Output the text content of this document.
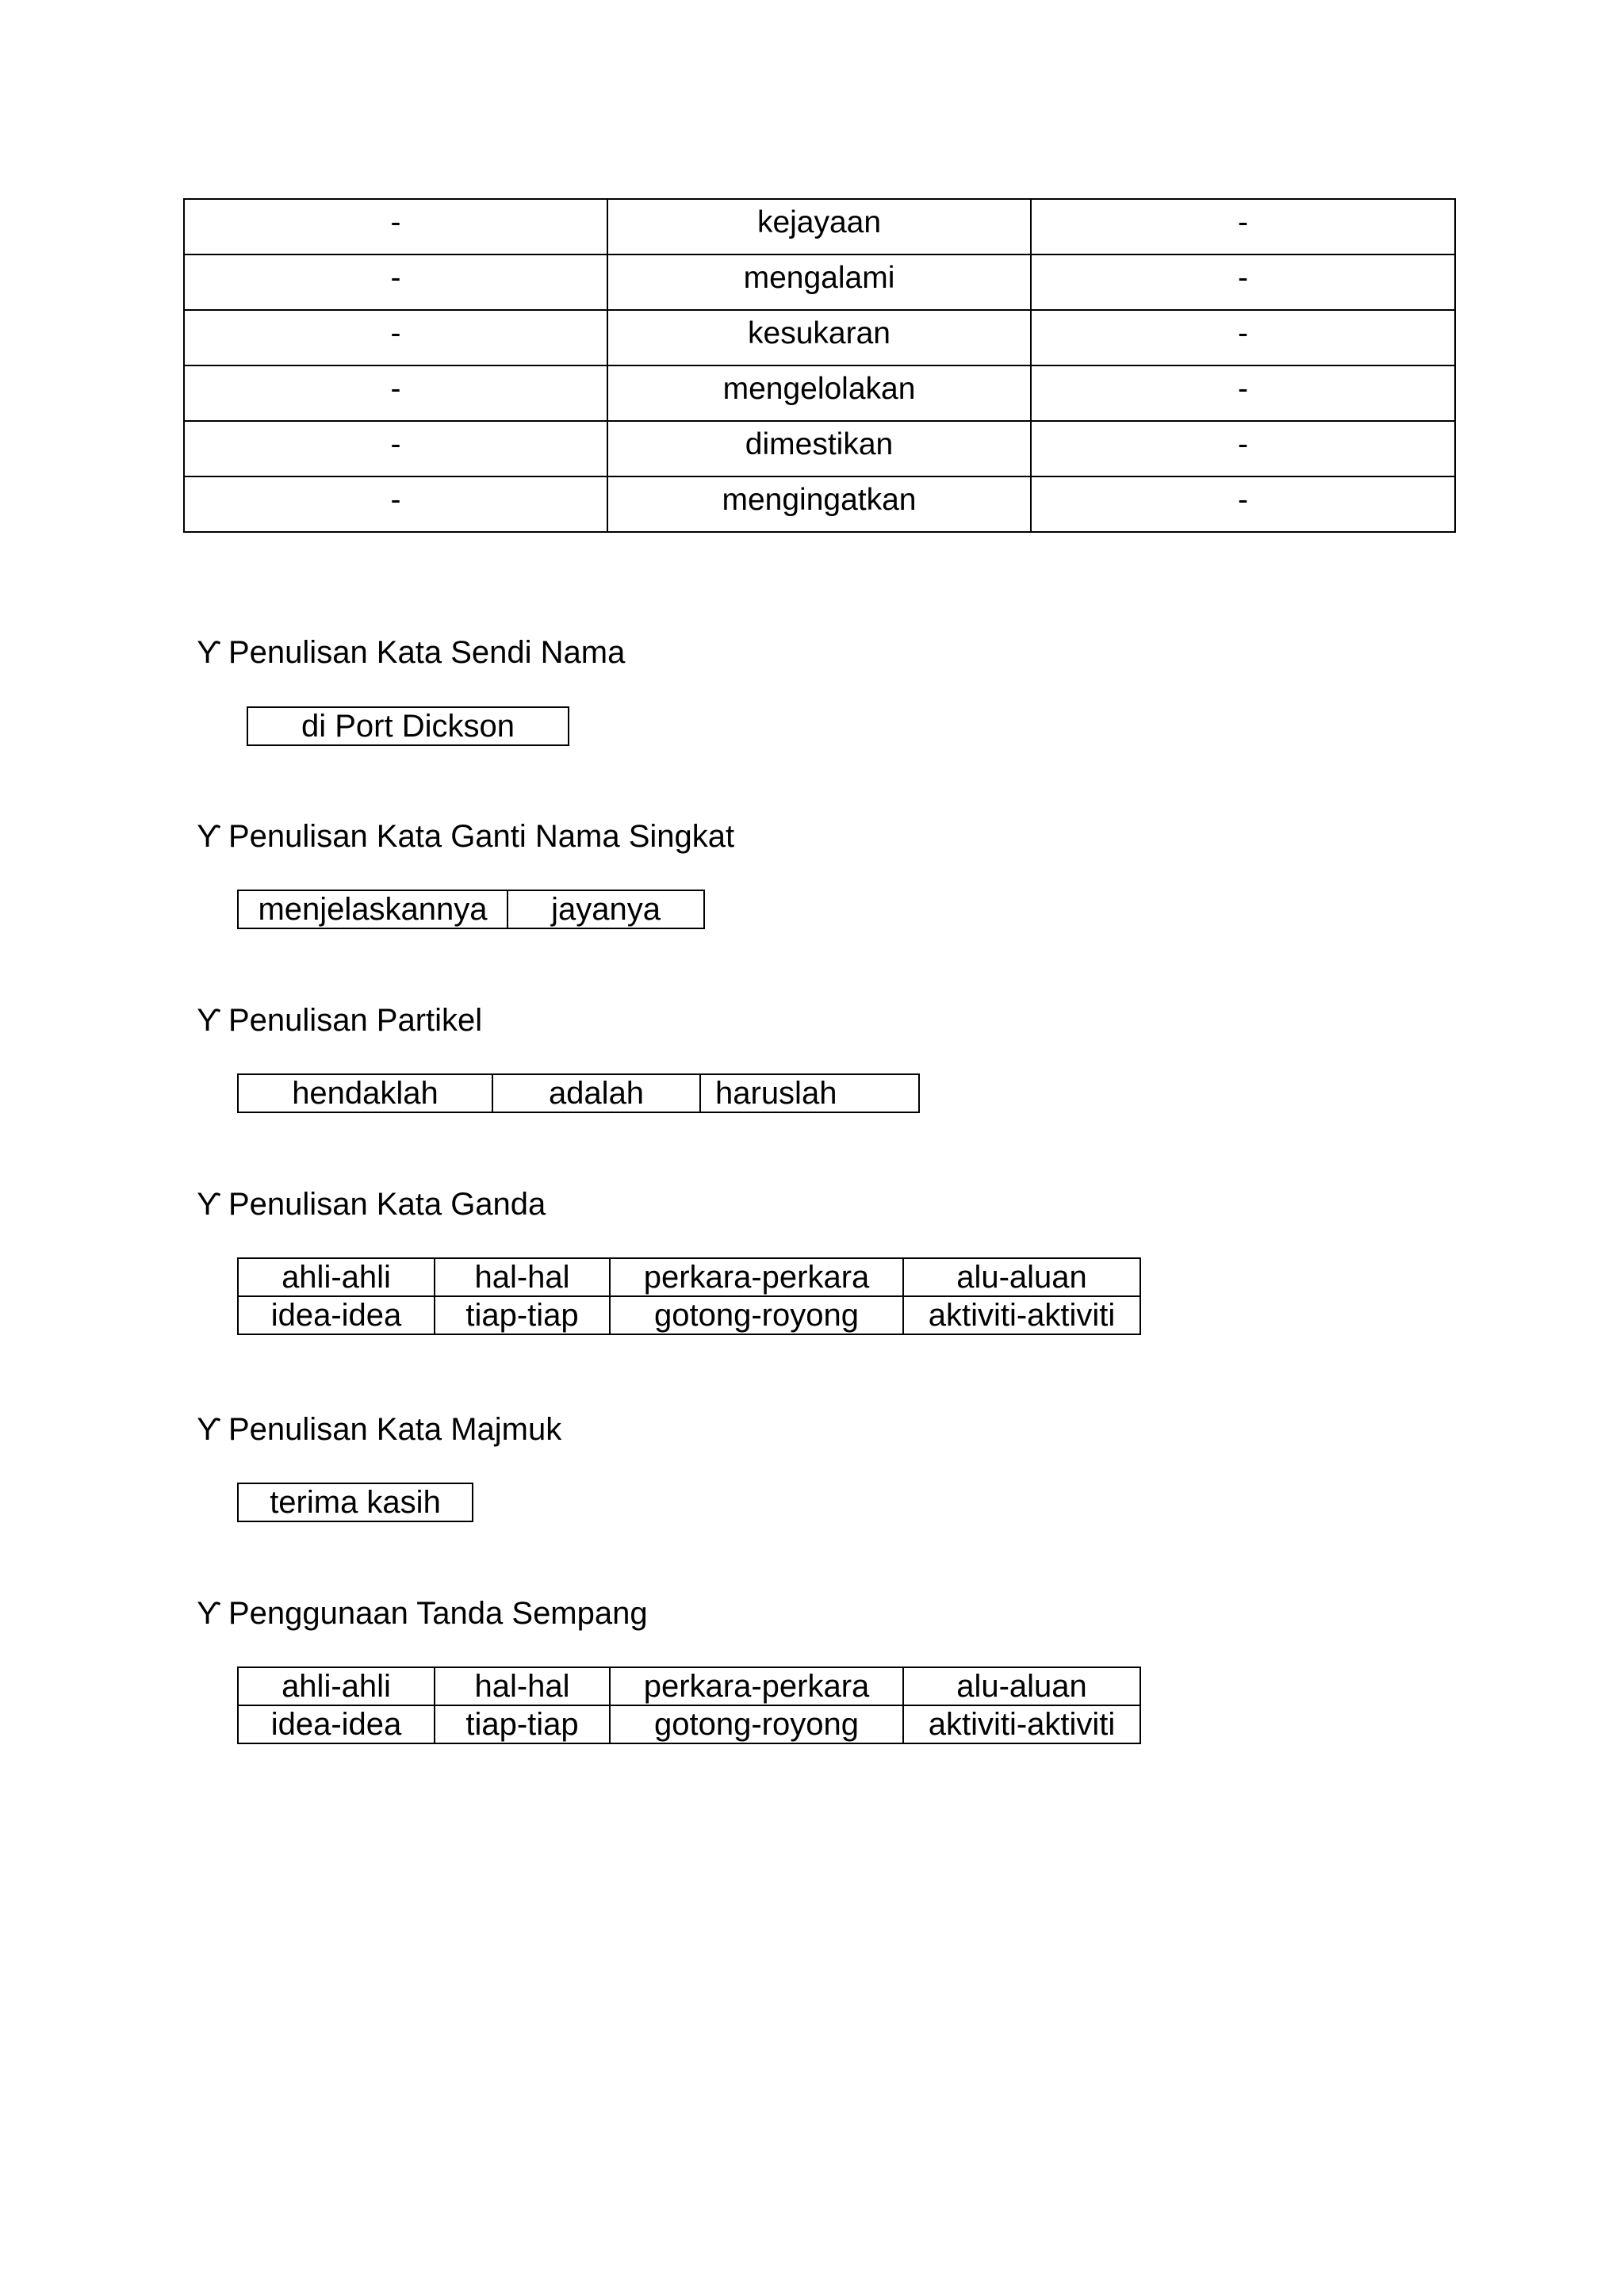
-	kejayaan	-
-	mengalami	-
-	kesukaran	-
-	mengelolakan	-
-	dimestikan	-
-	mengingatkan	-
ϒ Penulisan Kata Sendi Nama
di Port Dickson
ϒ Penulisan Kata Ganti Nama Singkat
menjelaskannya	jayanya
ϒ Penulisan Partikel
hendaklah	adalah	haruslah
ϒ Penulisan Kata Ganda
ahli-ahli	hal-hal	perkara-perkara	alu-aluan
idea-idea	tiap-tiap	gotong-royong	aktiviti-aktiviti
ϒ Penulisan Kata Majmuk
terima kasih
ϒ Penggunaan Tanda Sempang
ahli-ahli	hal-hal	perkara-perkara	alu-aluan
idea-idea	tiap-tiap	gotong-royong	aktiviti-aktiviti
